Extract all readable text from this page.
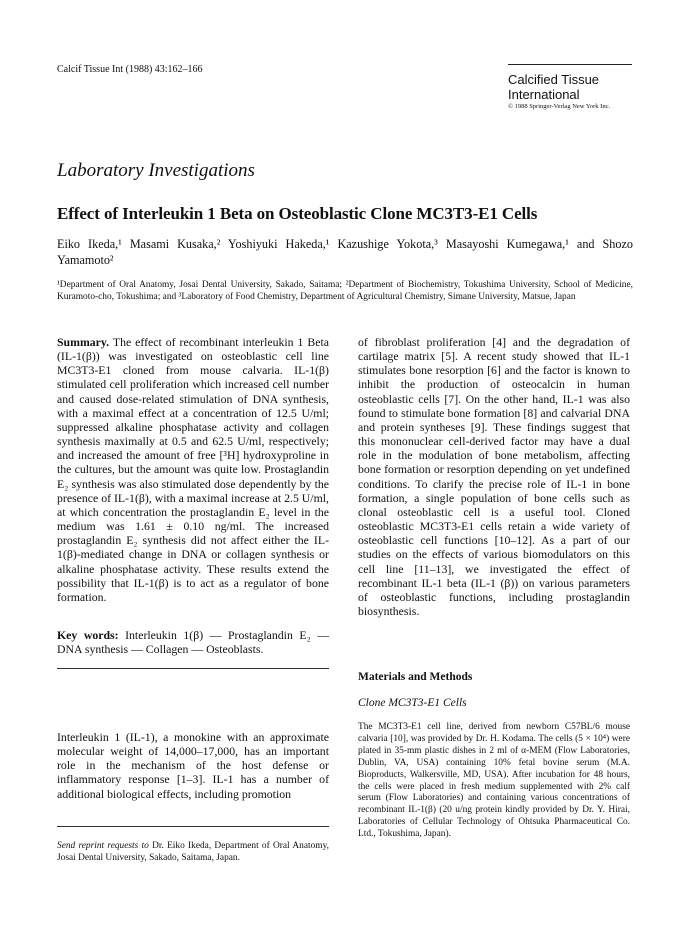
Calcif Tissue Int (1988) 43:162–166
Calcified Tissue
International
© 1988 Springer-Verlag New York Inc.
Laboratory Investigations
Effect of Interleukin 1 Beta on Osteoblastic Clone MC3T3-E1 Cells
Eiko Ikeda,¹ Masami Kusaka,² Yoshiyuki Hakeda,¹ Kazushige Yokota,³ Masayoshi Kumegawa,¹ and Shozo Yamamoto²
¹Department of Oral Anatomy, Josai Dental University, Sakado, Saitama; ²Department of Biochemistry, Tokushima University, School of Medicine, Kuramoto-cho, Tokushima; and ³Laboratory of Food Chemistry, Department of Agricultural Chemistry, Simane University, Matsue, Japan

Summary. The effect of recombinant interleukin 1 Beta (IL-1(β)) was investigated on osteoblastic cell line MC3T3-E1 cloned from mouse calvaria. IL-1(β) stimulated cell proliferation which increased cell number and caused dose-related stimulation of DNA synthesis, with a maximal effect at a concentration of 12.5 U/ml; suppressed alkaline phosphatase activity and collagen synthesis maximally at 0.5 and 62.5 U/ml, respectively; and increased the amount of free [³H] hydroxyproline in the cultures, but the amount was quite low. Prostaglandin E₂ synthesis was also stimulated dose dependently by the presence of IL-1(β), with a maximal increase at 2.5 U/ml, at which concentration the prostaglandin E₂ level in the medium was 1.61 ± 0.10 ng/ml. The increased prostaglandin E₂ synthesis did not affect either the IL-1(β)-mediated change in DNA or collagen synthesis or alkaline phosphatase activity. These results extend the possibility that IL-1(β) is to act as a regulator of bone formation.

Key words: Interleukin 1(β) — Prostaglandin E₂ — DNA synthesis — Collagen — Osteoblasts.

Interleukin 1 (IL-1), a monokine with an approximate molecular weight of 14,000–17,000, has an important role in the mechanism of the host defense or inflammatory response [1–3]. IL-1 has a number of additional biological effects, including promotion
Send reprint requests to Dr. Eiko Ikeda, Department of Oral Anatomy, Josai Dental University, Sakado, Saitama, Japan.
of fibroblast proliferation [4] and the degradation of cartilage matrix [5]. A recent study showed that IL-1 stimulates bone resorption [6] and the factor is known to inhibit the production of osteocalcin in human osteoblastic cells [7]. On the other hand, IL-1 was also found to stimulate bone formation [8] and calvarial DNA and protein syntheses [9]. These findings suggest that this mononuclear cell-derived factor may have a dual role in the modulation of bone metabolism, affecting bone formation or resorption depending on yet undefined conditions. To clarify the precise role of IL-1 in bone formation, a single population of bone cells such as clonal osteoblastic cell is a useful tool. Cloned osteoblastic MC3T3-E1 cells retain a wide variety of osteoblastic cell functions [10–12]. As a part of our studies on the effects of various biomodulators on this cell line [11–13], we investigated the effect of recombinant IL-1 beta (IL-1 (β)) on various parameters of osteoblastic functions, including prostaglandin biosynthesis.
Materials and Methods
Clone MC3T3-E1 Cells
The MC3T3-E1 cell line, derived from newborn C57BL/6 mouse calvaria [10], was provided by Dr. H. Kodama. The cells (5 × 10⁴) were plated in 35-mm plastic dishes in 2 ml of α-MEM (Flow Laboratories, Dublin, VA, USA) containing 10% fetal bovine serum (M.A. Bioproducts, Walkersville, MD, USA). After incubation for 48 hours, the cells were placed in fresh medium supplemented with 2% calf serum (Flow Laboratories) and containing various concentrations of recombinant IL-1(β) (20 u/ng protein kindly provided by Dr. Y. Hirai, Laboratories of Cellular Technology of Ohtsuka Pharmaceutical Co. Ltd., Tokushima, Japan).
